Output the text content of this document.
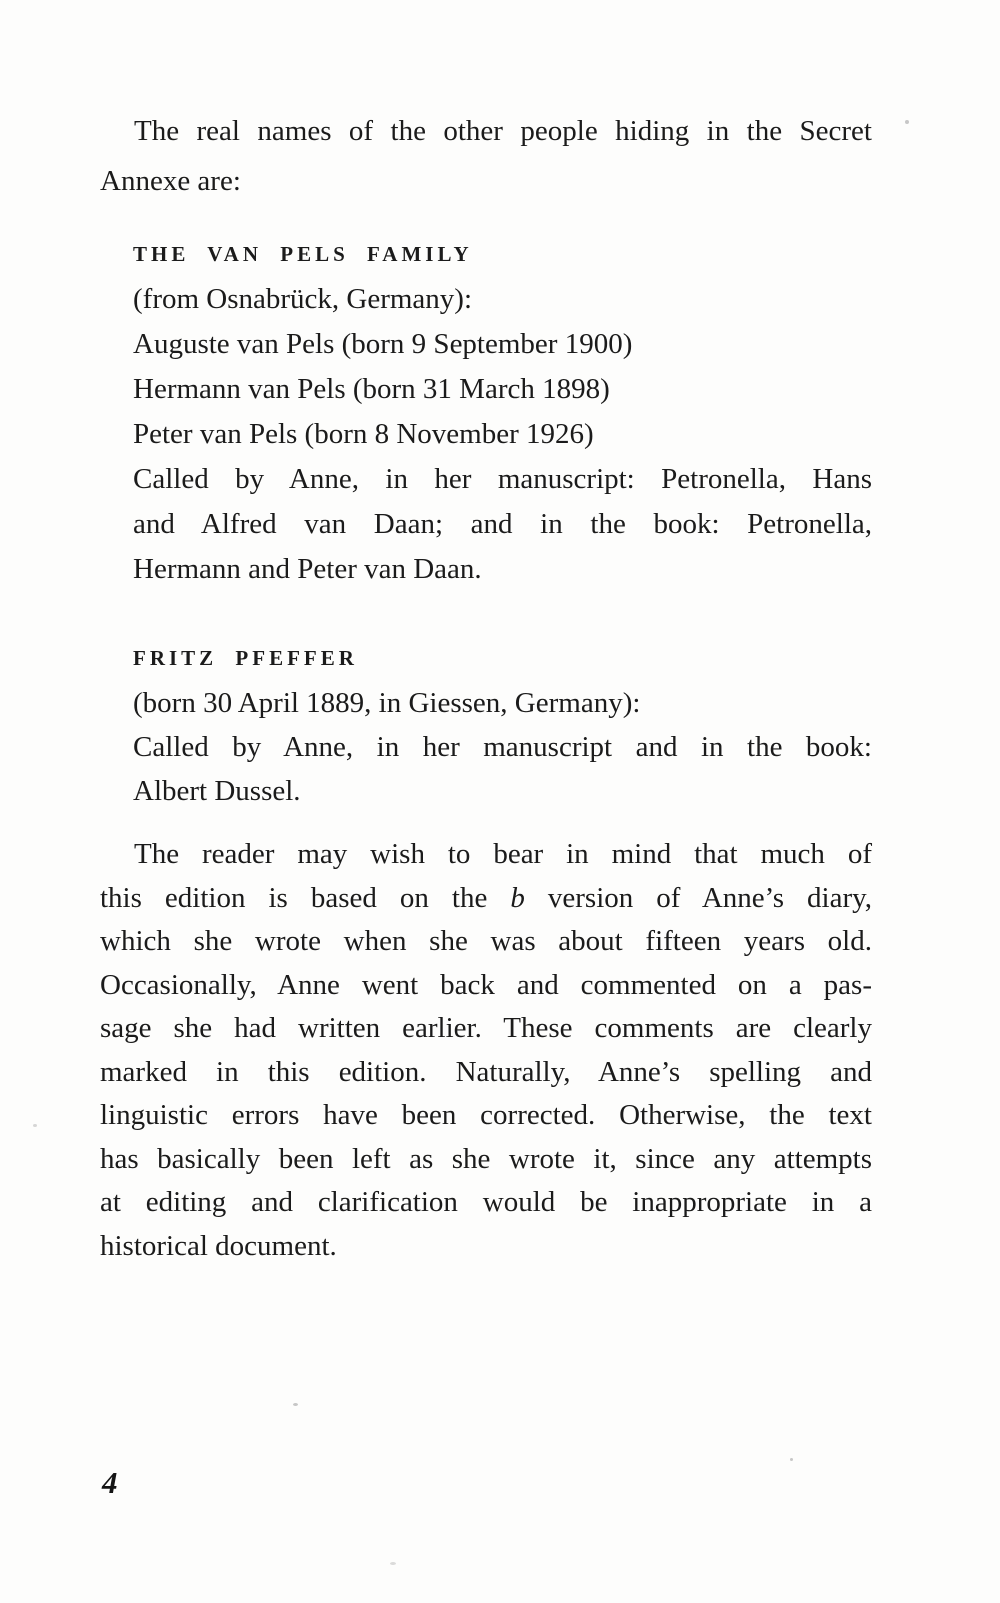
The real names of the other people hiding in the Secret
Annexe are:

THE VAN PELS FAMILY
(from Osnabrück, Germany):
Auguste van Pels (born 9 September 1900)
Hermann van Pels (born 31 March 1898)
Peter van Pels (born 8 November 1926)
Called by Anne, in her manuscript: Petronella, Hans
and Alfred van Daan; and in the book: Petronella,
Hermann and Peter van Daan.
FRITZ PFEFFER
(born 30 April 1889, in Giessen, Germany):
Called by Anne, in her manuscript and in the book:
Albert Dussel.

The reader may wish to bear in mind that much of
this edition is based on the b version of Anne’s diary,
which she wrote when she was about fifteen years old.
Occasionally, Anne went back and commented on a pas-
sage she had written earlier. These comments are clearly
marked in this edition. Naturally, Anne’s spelling and
linguistic errors have been corrected. Otherwise, the text
has basically been left as she wrote it, since any attempts
at editing and clarification would be inappropriate in a
historical document.

4
